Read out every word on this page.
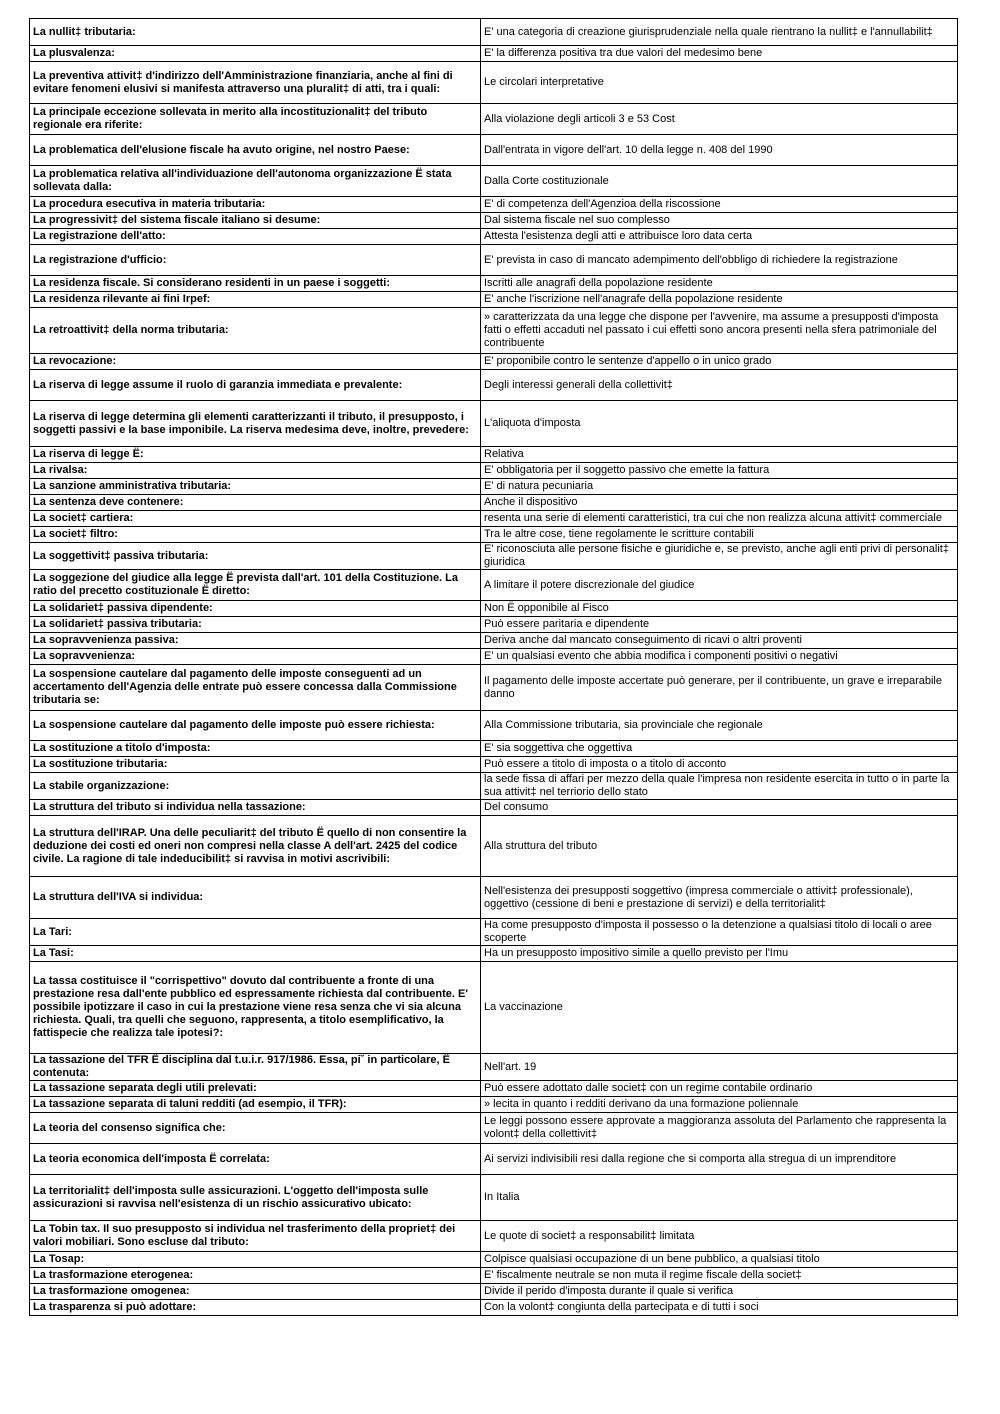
La nullit‡ tributaria:	E' una categoria di creazione giurisprudenziale nella quale rientrano la nullit‡ e l'annullabilit‡
La plusvalenza:	E' la differenza positiva tra due valori del medesimo bene
La preventiva attivit‡ d'indirizzo dell'Amministrazione finanziaria, anche al fini di evitare fenomeni elusivi si manifesta attraverso una pluralit‡ di atti, tra i quali:	Le circolari interpretative
La principale eccezione sollevata in merito alla incostituzionalit‡ del tributo regionale era riferite:	Alla violazione degli articoli 3 e 53 Cost
La problematica dell'elusione fiscale ha avuto origine, nel nostro Paese:	Dall'entrata in vigore dell'art. 10 della legge n. 408 del 1990
La problematica relativa all'individuazione dell'autonoma organizzazione Ë stata sollevata dalla:	Dalla Corte costituzionale
La procedura esecutiva in materia tributaria:	E' di competenza dell'Agenzioa della riscossione
La progressivit‡ del sistema fiscale italiano si desume:	Dal sistema fiscale nel suo complesso
La registrazione dell'atto:	Attesta l'esistenza degli atti e attribuisce loro data certa
La registrazione d'ufficio:	E' prevista in caso di mancato adempimento dell'obbligo di richiedere la registrazione
La residenza fiscale. Si considerano residenti in un paese i soggetti:	Iscritti alle anagrafi della popolazione residente
La residenza rilevante ai fini Irpef:	E' anche l'iscrizione nell'anagrafe della popolazione residente
La retroattivit‡ della norma tributaria:	» caratterizzata da una legge che dispone per l'avvenire, ma assume a presupposti d'imposta fatti o effetti accaduti nel passato i cui effetti sono ancora presenti nella sfera patrimoniale del contribuente
La revocazione:	E' proponibile contro le sentenze d'appello o in unico grado
La riserva di legge assume il ruolo di garanzia immediata e prevalente:	Degli interessi generali della collettivit‡
La riserva di legge determina gli elementi caratterizzanti il tributo, il presupposto, i soggetti passivi e la base imponibile. La riserva medesima deve, inoltre, prevedere:	L'aliquota d'imposta
La riserva di legge Ë:	Relativa
La rivalsa:	E' obbligatoria per il soggetto passivo che emette la fattura
La sanzione amministrativa tributaria:	E' di natura pecuniaria
La sentenza deve contenere:	Anche il dispositivo
La societ‡ cartiera:	resenta una serie di elementi caratteristici, tra cui che non realizza alcuna attivit‡ commerciale
La societ‡ filtro:	Tra le altre cose, tiene regolamente le scritture contabili
La soggettivit‡ passiva tributaria:	E' riconosciuta alle persone fisiche e giuridiche e, se previsto, anche agli enti privi di personalit‡ giuridica
La soggezione del giudice alla legge Ë prevista dall'art. 101 della Costituzione. La ratio del precetto costituzionale Ë diretto:	A limitare il potere discrezionale del giudice
La solidariet‡ passiva dipendente:	Non Ë opponibile al Fisco
La solidariet‡ passiva tributaria:	Può essere paritaria e dipendente
La sopravvenienza passiva:	Deriva anche dal mancato conseguimento di ricavi o altri proventi
La sopravvenienza:	E' un qualsiasi evento che abbia modifica i componenti positivi o negativi
La sospensione cautelare dal pagamento delle imposte conseguenti ad un accertamento dell'Agenzia delle entrate può essere concessa dalla Commissione tributaria se:	Il pagamento delle imposte accertate può generare, per il contribuente, un grave e irreparabile danno
La sospensione cautelare dal pagamento delle imposte può essere richiesta:	Alla Commissione tributaria, sia provinciale che regionale
La sostituzione a titolo d'imposta:	E' sia soggettiva che oggettiva
La sostituzione tributaria:	Può essere a titolo di imposta o a titolo di acconto
La stabile organizzazione:	la sede fissa di affari per mezzo della quale l'impresa non residente esercita in tutto o in parte la sua attivit‡ nel terriorio dello stato
La struttura del tributo si individua nella tassazione:	Del consumo
La struttura dell'IRAP. Una delle peculiarit‡ del tributo Ë quello di non consentire la deduzione dei costi ed oneri non compresi nella classe A dell'art. 2425 del codice civile. La ragione di tale indeducibilit‡ si ravvisa in motivi ascrivibili:	Alla struttura del tributo
La struttura dell'IVA si individua:	Nell'esistenza dei presupposti soggettivo (impresa commerciale o attivit‡ professionale), oggettivo (cessione di beni e prestazione di servizi) e della territorialit‡
La Tari:	Ha come presupposto d'imposta il possesso o la detenzione a qualsiasi titolo di locali o aree scoperte
La Tasi:	Ha un presupposto impositivo simile a quello previsto per l'Imu
La tassa costituisce il "corrispettivo" dovuto dal contribuente a fronte di una prestazione resa dall'ente pubblico ed espressamente richiesta dal contribuente. E' possibile ipotizzare il caso in cui la prestazione viene resa senza che vi sia alcuna richiesta. Quali, tra quelli che seguono, rappresenta, a titolo esemplificativo, la fattispecie che realizza tale ipotesi?:	La vaccinazione
La tassazione del TFR Ë disciplina dal t.u.i.r. 917/1986. Essa, pi˘ in particolare, Ë contenuta:	Nell'art. 19
La tassazione separata degli utili prelevati:	Può essere adottato dalle societ‡ con un regime contabile ordinario
La tassazione separata di taluni redditi (ad esempio, il TFR):	» lecita in quanto i redditi derivano da una formazione poliennale
La teoria del consenso significa che:	Le leggi possono essere approvate a maggioranza assoluta del Parlamento che rappresenta la volont‡ della collettivit‡
La teoria economica dell'imposta Ë correlata:	Ai servizi indivisibili resi dalla regione che si comporta alla stregua di un imprenditore
La territorialit‡ dell'imposta sulle assicurazioni. L'oggetto dell'imposta sulle assicurazioni si ravvisa nell'esistenza di un rischio assicurativo ubicato:	In Italia
La Tobin tax. Il suo presupposto si individua nel trasferimento della propriet‡ dei valori mobiliari. Sono escluse dal tributo:	Le quote di societ‡ a responsabilit‡ limitata
La Tosap:	Colpisce qualsiasi occupazione di un bene pubblico, a qualsiasi titolo
La trasformazione eterogenea:	E' fiscalmente neutrale se non muta il regime fiscale della societ‡
La trasformazione omogenea:	Divide il perido d'imposta durante il quale si verifica
La trasparenza si può adottare:	Con la volont‡ congiunta della partecipata e di tutti i soci
